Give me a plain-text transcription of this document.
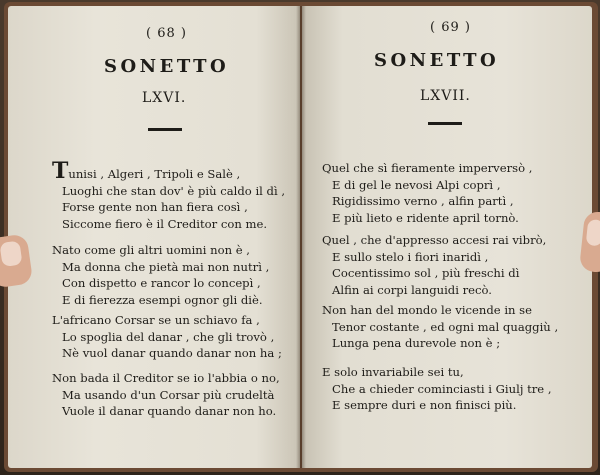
( 68 )
SONETTO
LXVI.
Tunisi , Algeri , Tripoli e Salè ,
Luoghi che stan dov' è più caldo il dì ,
Forse gente non han fiera così ,
Siccome fiero è il Creditor con me.
Nato come gli altri uomini non è ,
Ma donna che pietà mai non nutrì ,
Con dispetto e rancor lo concepì ,
E di fierezza esempi ognor gli diè.
L'africano Corsar se un schiavo fa ,
Lo spoglia del danar , che gli trovò ,
Nè vuol danar quando danar non ha ;
Non bada il Creditor se io l'abbia o no,
Ma usando d'un Corsar più crudeltà
Vuole il danar quando danar non ho.
( 69 )
SONETTO
LXVII.
Quel che sì fieramente imperversò ,
E di gel le nevosi Alpi coprì ,
Rigidissimo verno , alfin partì ,
E più lieto e ridente april tornò.
Quel , che d'appresso accesi rai vibrò,
E sullo stelo i fiori inaridì ,
Cocentissimo sol , più freschi dì
Alfin ai corpi languidi recò.
Non han del mondo le vicende in se
Tenor costante , ed ogni mal quaggiù ,
Lunga pena durevole non è ;
E solo invariabile sei tu,
Che a chieder cominciasti i Giulj tre ,
E sempre duri e non finisci più.
